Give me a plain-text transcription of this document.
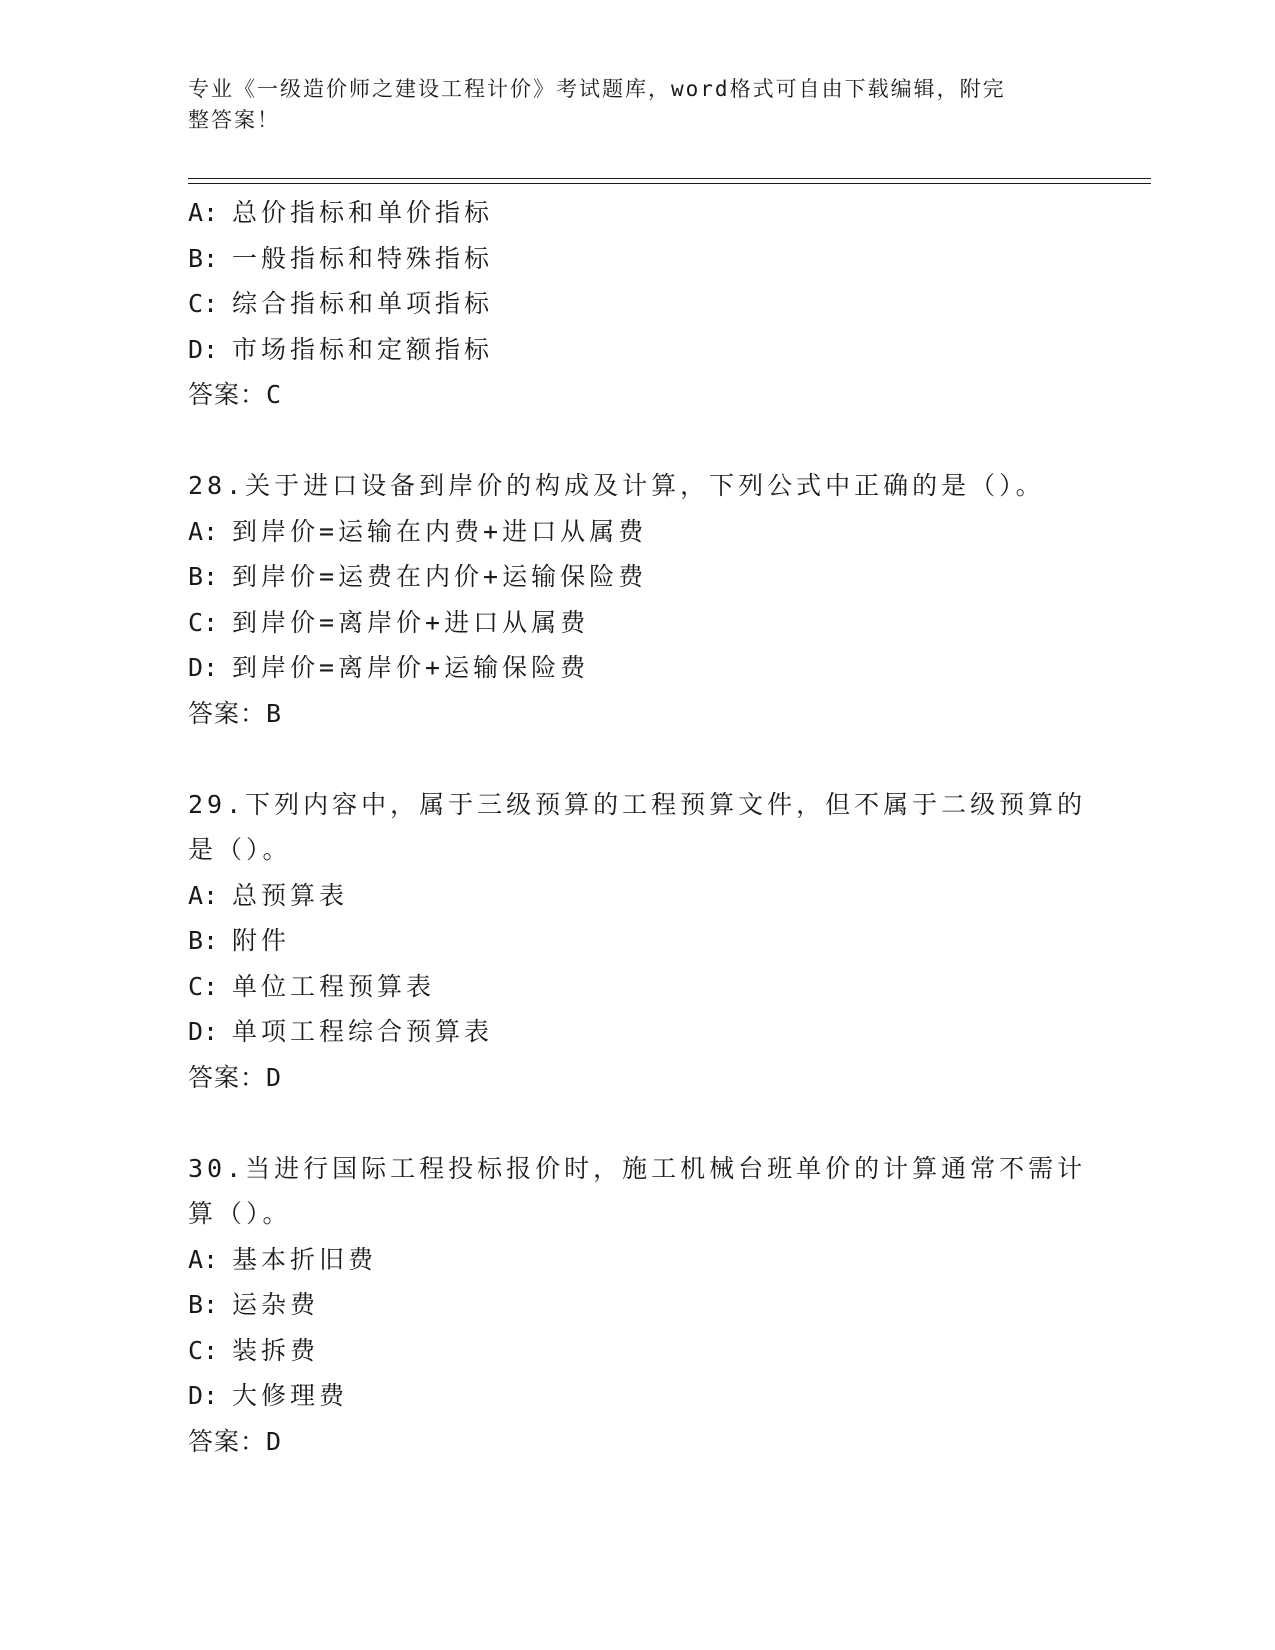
专业《一级造价师之建设工程计价》考试题库，word格式可自由下载编辑，附完
整答案！
A: 总价指标和单价指标
B: 一般指标和特殊指标
C: 综合指标和单项指标
D: 市场指标和定额指标
答案：C
28.关于进口设备到岸价的构成及计算，下列公式中正确的是（）。
A: 到岸价=运输在内费+进口从属费
B: 到岸价=运费在内价+运输保险费
C: 到岸价=离岸价+进口从属费
D: 到岸价=离岸价+运输保险费
答案：B
29.下列内容中，属于三级预算的工程预算文件，但不属于二级预算的
是（）。
A: 总预算表
B: 附件
C: 单位工程预算表
D: 单项工程综合预算表
答案：D
30.当进行国际工程投标报价时，施工机械台班单价的计算通常不需计
算（）。
A: 基本折旧费
B: 运杂费
C: 装拆费
D: 大修理费
答案：D
